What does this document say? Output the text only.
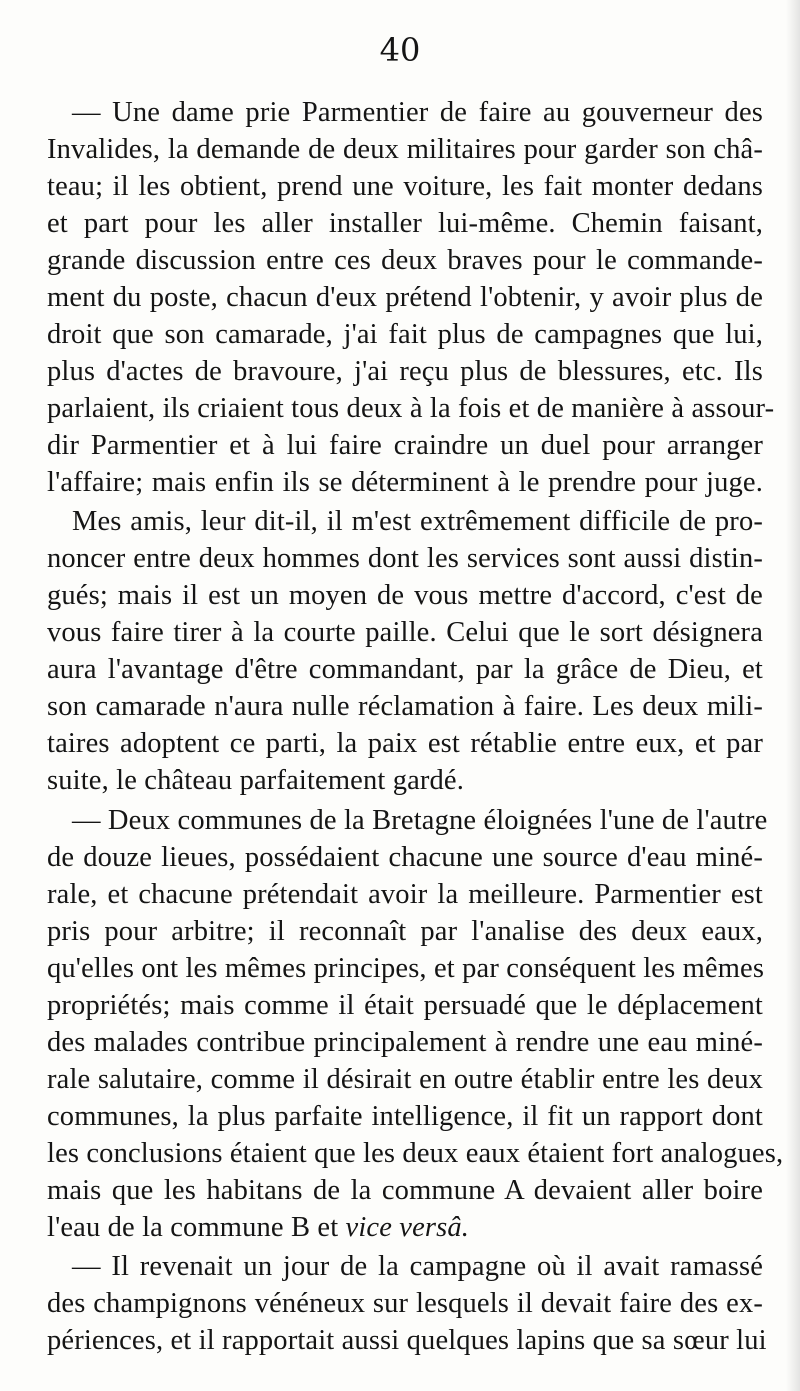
40
— Une dame prie Parmentier de faire au gouverneur des
Invalides, la demande de deux militaires pour garder son châ-
teau; il les obtient, prend une voiture, les fait monter dedans
et part pour les aller installer lui-même. Chemin faisant,
grande discussion entre ces deux braves pour le commande-
ment du poste, chacun d'eux prétend l'obtenir, y avoir plus de
droit que son camarade, j'ai fait plus de campagnes que lui,
plus d'actes de bravoure, j'ai reçu plus de blessures, etc. Ils
parlaient, ils criaient tous deux à la fois et de manière à assour-
dir Parmentier et à lui faire craindre un duel pour arranger
l'affaire; mais enfin ils se déterminent à le prendre pour juge.
Mes amis, leur dit-il, il m'est extrêmement difficile de pro-
noncer entre deux hommes dont les services sont aussi distin-
gués; mais il est un moyen de vous mettre d'accord, c'est de
vous faire tirer à la courte paille. Celui que le sort désignera
aura l'avantage d'être commandant, par la grâce de Dieu, et
son camarade n'aura nulle réclamation à faire. Les deux mili-
taires adoptent ce parti, la paix est rétablie entre eux, et par
suite, le château parfaitement gardé.
— Deux communes de la Bretagne éloignées l'une de l'autre
de douze lieues, possédaient chacune une source d'eau miné-
rale, et chacune prétendait avoir la meilleure. Parmentier est
pris pour arbitre; il reconnaît par l'analise des deux eaux,
qu'elles ont les mêmes principes, et par conséquent les mêmes
propriétés; mais comme il était persuadé que le déplacement
des malades contribue principalement à rendre une eau miné-
rale salutaire, comme il désirait en outre établir entre les deux
communes, la plus parfaite intelligence, il fit un rapport dont
les conclusions étaient que les deux eaux étaient fort analogues,
mais que les habitans de la commune A devaient aller boire
l'eau de la commune B et vice versâ.
— Il revenait un jour de la campagne où il avait ramassé
des champignons vénéneux sur lesquels il devait faire des ex-
périences, et il rapportait aussi quelques lapins que sa sœur lui
